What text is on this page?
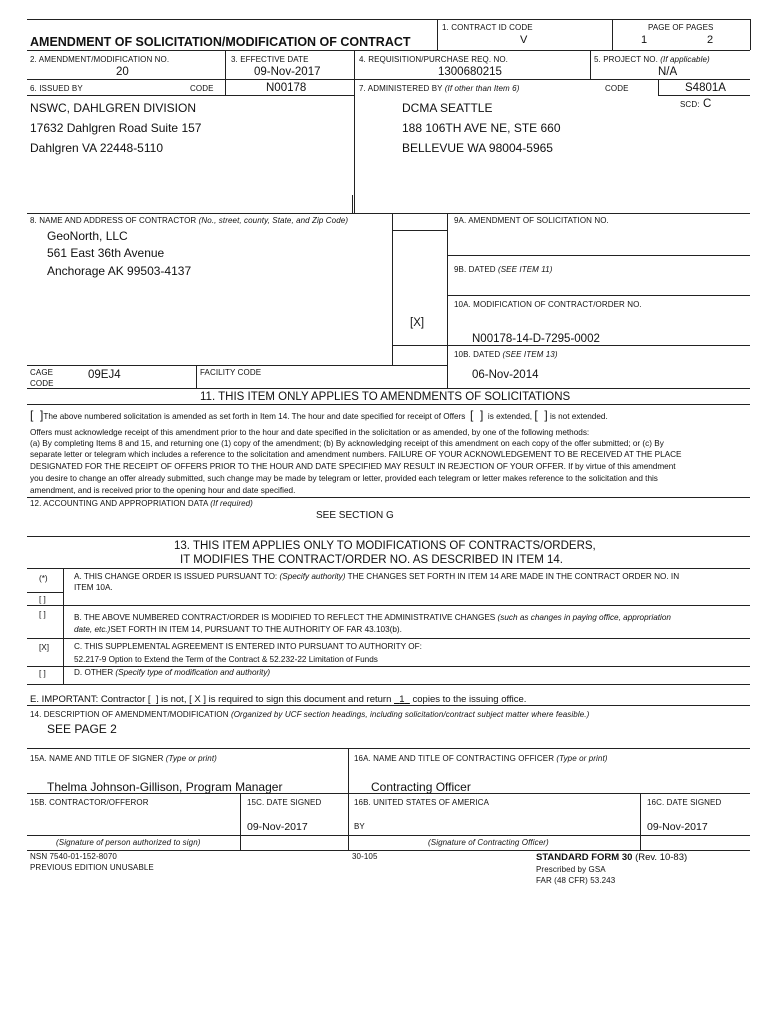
1. CONTRACT ID CODE
V
PAGE OF PAGES
1	2
AMENDMENT OF SOLICITATION/MODIFICATION OF CONTRACT
2. AMENDMENT/MODIFICATION NO.
20
3. EFFECTIVE DATE
09-Nov-2017
4. REQUISITION/PURCHASE REQ. NO.
1300680215
5. PROJECT NO. (If applicable)
N/A
6. ISSUED BY	CODE	N00178	7. ADMINISTERED BY (If other than Item 6)	CODE	S4801A
SCD: C
NSWC, DAHLGREN DIVISION
17632 Dahlgren Road Suite 157
Dahlgren VA 22448-5110
DCMA SEATTLE
188 106TH AVE NE, STE 660
BELLEVUE WA 98004-5965
8. NAME AND ADDRESS OF CONTRACTOR (No., street, county, State, and Zip Code)
GeoNorth, LLC
561 East 36th Avenue
Anchorage AK 99503-4137
CAGE
CODE
09EJ4	FACILITY CODE
9A. AMENDMENT OF SOLICITATION NO.
9B. DATED (SEE ITEM 11)
10A. MODIFICATION OF CONTRACT/ORDER NO.
[X]
N00178-14-D-7295-0002
10B. DATED (SEE ITEM 13)
06-Nov-2014
11. THIS ITEM ONLY APPLIES TO AMENDMENTS OF SOLICITATIONS
[  ]The above numbered solicitation is amended as set forth in Item 14. The hour and date specified for receipt of Offers [  ] is extended, [  ] is not extended.
Offers must acknowledge receipt of this amendment prior to the hour and date specified in the solicitation or as amended, by one of the following methods:
(a) By completing Items 8 and 15, and returning one (1) copy of the amendment; (b) By acknowledging receipt of this amendment on each copy of the offer submitted; or (c) By
separate letter or telegram which includes a reference to the solicitation and amendment numbers. FAILURE OF YOUR ACKNOWLEDGEMENT TO BE RECEIVED AT THE PLACE
DESIGNATED FOR THE RECEIPT OF OFFERS PRIOR TO THE HOUR AND DATE SPECIFIED MAY RESULT IN REJECTION OF YOUR OFFER. If by virtue of this amendment
you desire to change an offer already submitted, such change may be made by telegram or letter, provided each telegram or letter makes reference to the solicitation and this
amendment, and is received prior to the opening hour and date specified.
12. ACCOUNTING AND APPROPRIATION DATA (If required)
SEE SECTION G
13. THIS ITEM APPLIES ONLY TO MODIFICATIONS OF CONTRACTS/ORDERS,
IT MODIFIES THE CONTRACT/ORDER NO. AS DESCRIBED IN ITEM 14.
(*)	A. THIS CHANGE ORDER IS ISSUED PURSUANT TO: (Specify authority) THE CHANGES SET FORTH IN ITEM 14 ARE MADE IN THE CONTRACT ORDER NO. IN
ITEM 10A.
[ ]
[ ]	B. THE ABOVE NUMBERED CONTRACT/ORDER IS MODIFIED TO REFLECT THE ADMINISTRATIVE CHANGES (such as changes in paying office, appropriation
date, etc.)SET FORTH IN ITEM 14, PURSUANT TO THE AUTHORITY OF FAR 43.103(b).
[X]	C. THIS SUPPLEMENTAL AGREEMENT IS ENTERED INTO PURSUANT TO AUTHORITY OF:
52.217-9 Option to Extend the Term of the Contract & 52.232-22 Limitation of Funds
[ ]	D. OTHER (Specify type of modification and authority)
E. IMPORTANT: Contractor [  ] is not, [ X ] is required to sign this document and return 1 copies to the issuing office.
14. DESCRIPTION OF AMENDMENT/MODIFICATION (Organized by UCF section headings, including solicitation/contract subject matter where feasible.)
SEE PAGE 2
15A. NAME AND TITLE OF SIGNER (Type or print)
Thelma Johnson-Gillison, Program Manager
16A. NAME AND TITLE OF CONTRACTING OFFICER (Type or print)
Contracting Officer
15B. CONTRACTOR/OFFEROR	15C. DATE SIGNED
09-Nov-2017
16B. UNITED STATES OF AMERICA
BY
16C. DATE SIGNED
09-Nov-2017
(Signature of person authorized to sign)	(Signature of Contracting Officer)
NSN 7540-01-152-8070
PREVIOUS EDITION UNUSABLE
30-105	STANDARD FORM 30 (Rev. 10-83)
Prescribed by GSA
FAR (48 CFR) 53.243
